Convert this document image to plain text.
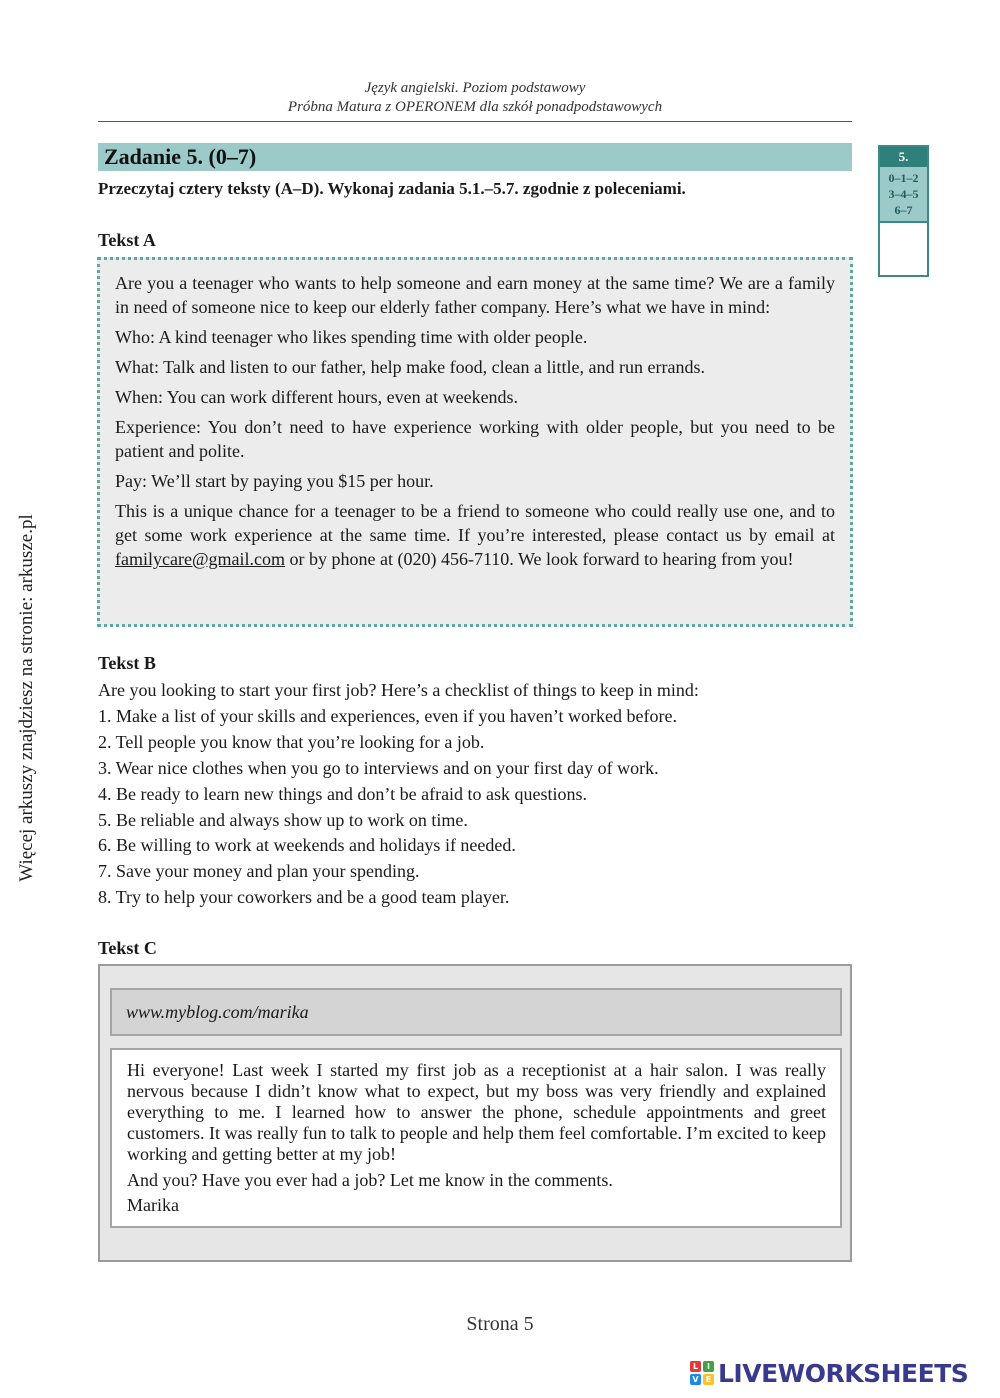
Język angielski. Poziom podstawowy
Próbna Matura z OPERONEM dla szkół ponadpodstawowych
Zadanie 5. (0–7)
Przeczytaj cztery teksty (A–D). Wykonaj zadania 5.1.–5.7. zgodnie z poleceniami.
5.
0–1–2
3–4–5
6–7
Tekst A

Are you a teenager who wants to help someone and earn money at the same time? We are a family in need of someone nice to keep our elderly father company. Here’s what we have in mind:

Who: A kind teenager who likes spending time with older people.

What: Talk and listen to our father, help make food, clean a little, and run errands.

When: You can work different hours, even at weekends.

Experience: You don’t need to have experience working with older people, but you need to be patient and polite.

Pay: We’ll start by paying you $15 per hour.

This is a unique chance for a teenager to be a friend to someone who could really use one, and to get some work experience at the same time. If you’re interested, please contact us by email at familycare@gmail.com or by phone at (020) 456-7110. We look forward to hearing from you!

Tekst B
Are you looking to start your first job? Here’s a checklist of things to keep in mind:
1. Make a list of your skills and experiences, even if you haven’t worked before.
2. Tell people you know that you’re looking for a job.
3. Wear nice clothes when you go to interviews and on your first day of work.
4. Be ready to learn new things and don’t be afraid to ask questions.
5. Be reliable and always show up to work on time.
6. Be willing to work at weekends and holidays if needed.
7. Save your money and plan your spending.
8. Try to help your coworkers and be a good team player.
Tekst C
www.myblog.com/marika

Hi everyone! Last week I started my first job as a receptionist at a hair salon. I was really nervous because I didn’t know what to expect, but my boss was very friendly and explained everything to me. I learned how to answer the phone, schedule appointments and greet customers. It was really fun to talk to people and help them feel comfortable. I’m excited to keep working and getting better at my job!

And you? Have you ever had a job? Let me know in the comments.

Marika

Więcej arkuszy znajdziesz na stronie: arkusze.pl
Strona 5
L	I
V E LIVEWORKSHEETS
